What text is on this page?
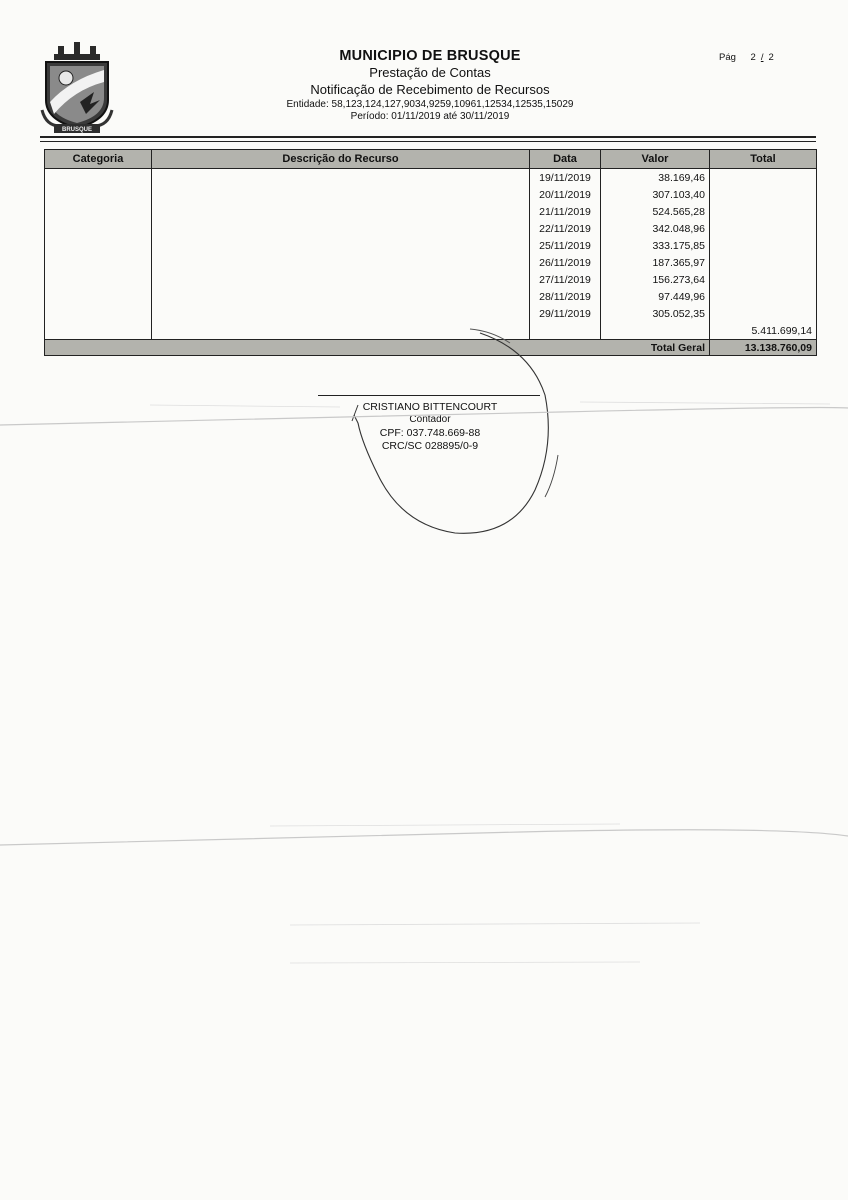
BRUSQUE
MUNICIPIO DE BRUSQUE
Prestação de Contas
Notificação de Recebimento de Recursos
Entidade: 58,123,124,127,9034,9259,10961,12534,12535,15029
Período: 01/11/2019 até 30/11/2019
Pág 2 / 2
Categoria	Descrição do Recurso	Data	Valor	Total
		19/11/2019	38.169,46	
		20/11/2019	307.103,40	
		21/11/2019	524.565,28	
		22/11/2019	342.048,96	
		25/11/2019	333.175,85	
		26/11/2019	187.365,97	
		27/11/2019	156.273,64	
		28/11/2019	97.449,96	
		29/11/2019	305.052,35	
				5.411.699,14
			Total Geral	13.138.760,09
CRISTIANO BITTENCOURT
Contador
CPF: 037.748.669-88
CRC/SC 028895/0-9
